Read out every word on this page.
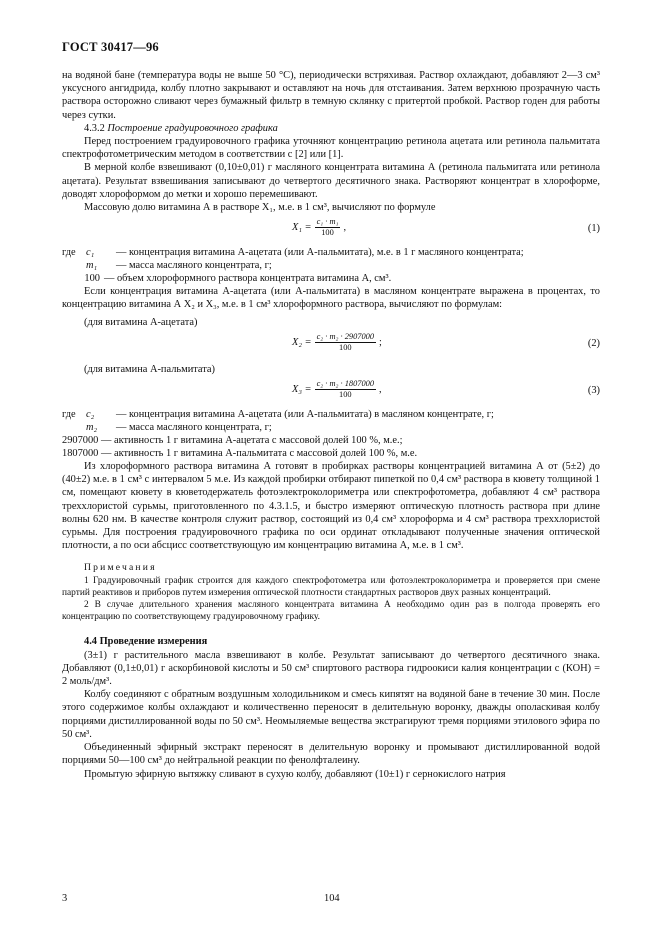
ГОСТ 30417—96

на водяной бане (температура воды не выше 50 °С), периодически встряхивая. Раствор охлаждают, добавляют 2—3 см³ уксусного ангидрида, колбу плотно закрывают и оставляют на ночь для отстаивания. Затем верхнюю прозрачную часть раствора осторожно сливают через бумажный фильтр в темную склянку с притертой пробкой. Раствор годен для работы через сутки.

4.3.2 Построение градуировочного графика

Перед построением градуировочного графика уточняют концентрацию ретинола ацетата или ретинола пальмитата спектрофотометрическим методом в соответствии с [2] или [1].

В мерной колбе взвешивают (0,10±0,01) г масляного концентрата витамина А (ретинола пальмитата или ретинола ацетата). Результат взвешивания записывают до четвертого десятичного знака. Растворяют концентрат в хлороформе, доводят хлороформом до метки и хорошо перемешивают.

Массовую долю витамина А в растворе X₁, м.е. в 1 см³, вычисляют по формуле

$X_1 = \frac{\text{c₁ · m₁}}{100}$ ,	(1)
где c₁	— концентрация витамина А-ацетата (или А-пальмитата), м.е. в 1 г масляного концентрата;
m₁	— масса масляного концентрата, г;
100 — объем хлороформного раствора концентрата витамина А, см³.

Если концентрация витамина А-ацетата (или А-пальмитата) в масляном концентрате выражена в процентах, то концентрацию витамина А X₂ и X₃, м.е. в 1 см³ хлороформного раствора, вычисляют по формулам:

(для витамина А-ацетата)

$X_2 = \frac{\text{c₂ · m₂ · 2907000}}{100}$ ;	(2)

(для витамина А-пальмитата)

$X_3 = \frac{\text{c₂ · m₂ · 1807000}}{100}$ ,	(3)
где c₂	— концентрация витамина А-ацетата (или А-пальмитата) в масляном концентрате, г;
m₂	— масса масляного концентрата, г;
2907000 — активность 1 г витамина А-ацетата с массовой долей 100 %, м.е.;
1807000 — активность 1 г витамина А-пальмитата с массовой долей 100 %, м.е.

Из хлороформного раствора витамина А готовят в пробирках растворы концентрацией витамина А от (5±2) до (40±2) м.е. в 1 см³ с интервалом 5 м.е. Из каждой пробирки отбирают пипеткой по 0,4 см³ раствора в кювету толщиной 1 см, помещают кювету в кюветодержатель фотоэлектроколориметра или спектрофотометра, добавляют 4 см³ раствора треххлористой сурьмы, приготовленного по 4.3.1.5, и быстро измеряют оптическую плотность раствора при длине волны 620 нм. В качестве контроля служит раствор, состоящий из 0,4 см³ хлороформа и 4 см³ раствора треххлористой сурьмы. Для построения градуировочного графика по оси ординат откладывают полученные значения оптической плотности, а по оси абсцисс соответствующую им концентрацию витамина А, м.е. в 1 см³.

Примечания

1 Градуировочный график строится для каждого спектрофотометра или фотоэлектроколориметра и проверяется при смене партий реактивов и приборов путем измерения оптической плотности стандартных растворов двух разных концентраций.

2 В случае длительного хранения масляного концентрата витамина А необходимо один раз в полгода проверять его концентрацию по соответствующему градуировочному графику.

4.4 Проведение измерения

(3±1) г растительного масла взвешивают в колбе. Результат записывают до четвертого десятичного знака. Добавляют (0,1±0,01) г аскорбиновой кислоты и 50 см³ спиртового раствора гидроокиси калия концентрации c (КОН) = 2 моль/дм³.

Колбу соединяют с обратным воздушным холодильником и смесь кипятят на водяной бане в течение 30 мин. После этого содержимое колбы охлаждают и количественно переносят в делительную воронку, дважды ополаскивая колбу порциями дистиллированной воды по 50 см³. Неомыляемые вещества экстрагируют тремя порциями этилового эфира по 50 см³.

Объединенный эфирный экстракт переносят в делительную воронку и промывают дистиллированной водой порциями 50—100 см³ до нейтральной реакции по фенолфталеину.

Промытую эфирную вытяжку сливают в сухую колбу, добавляют (10±1) г сернокислого натрия

3	104
